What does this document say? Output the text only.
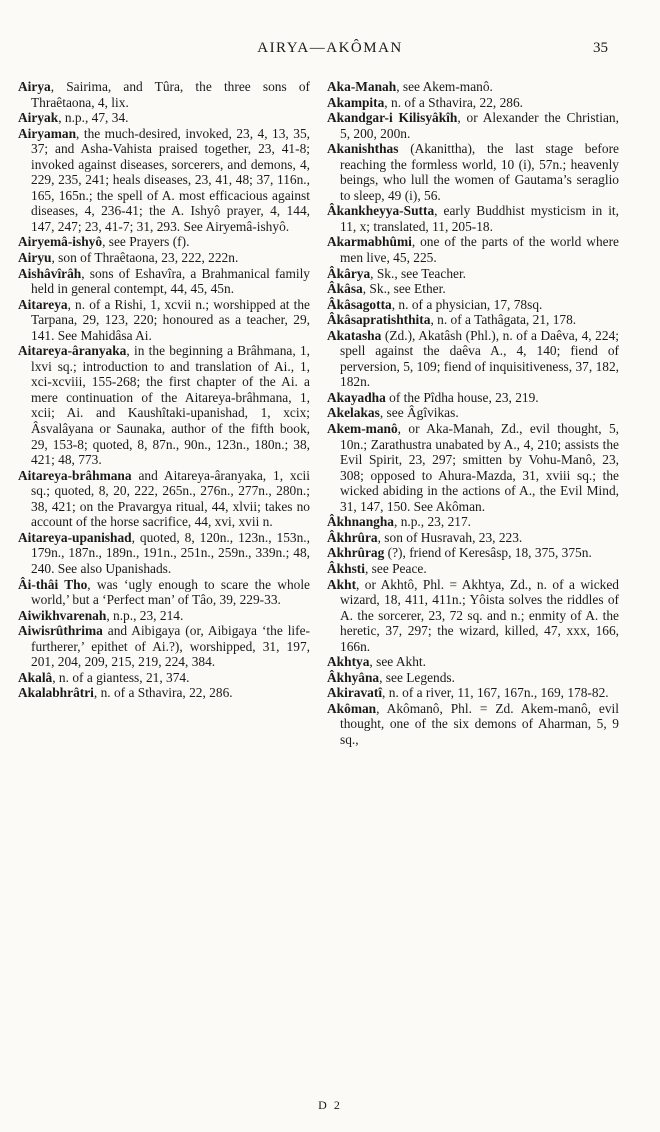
AIRYA—AKÔMAN	35
Airya, Sairima, and Tûra, the three sons of Thraêtaona, 4, lix.
Airyak, n.p., 47, 34.
Airyaman, the much-desired, invoked, 23, 4, 13, 35, 37; and Asha-Vahista praised together, 23, 41-8; invoked against diseases, sorcerers, and demons, 4, 229, 235, 241; heals diseases, 23, 41, 48; 37, 116n., 165, 165n.; the spell of A. most efficacious against diseases, 4, 236-41; the A. Ishyô prayer, 4, 144, 147, 247; 23, 41-7; 31, 293. See Airyemâ-ishyô.
Airyemâ-ishyô, see Prayers (f).
Airyu, son of Thraêtaona, 23, 222, 222n.
Aishâvîrâh, sons of Eshavîra, a Brahmanical family held in general contempt, 44, 45, 45n.
Aitareya, n. of a Rishi, 1, xcvii n.; worshipped at the Tarpana, 29, 123, 220; honoured as a teacher, 29, 141. See Mahidâsa Ai.
Aitareya-âranyaka, in the beginning a Brâhmana, 1, lxvi sq.; introduction to and translation of Ai., 1, xci-xcviii, 155-268; the first chapter of the Ai. a mere continuation of the Aitareya-brâhmana, 1, xcii; Ai. and Kaushîtaki-upanishad, 1, xcix; Âsvalâyana or Saunaka, author of the fifth book, 29, 153-8; quoted, 8, 87n., 90n., 123n., 180n.; 38, 421; 48, 773.
Aitareya-brâhmana and Aitareya-âranyaka, 1, xcii sq.; quoted, 8, 20, 222, 265n., 276n., 277n., 280n.; 38, 421; on the Pravargya ritual, 44, xlvii; takes no account of the horse sacrifice, 44, xvi, xvii n.
Aitareya-upanishad, quoted, 8, 120n., 123n., 153n., 179n., 187n., 189n., 191n., 251n., 259n., 339n.; 48, 240. See also Upanishads.
Âi-thâi Tho, was ‘ugly enough to scare the whole world,’ but a ‘Perfect man’ of Tâo, 39, 229-33.
Aiwikhvarenah, n.p., 23, 214.
Aiwisrûthrima and Aibigaya (or, Aibigaya ‘the life-furtherer,’ epithet of Ai.?), worshipped, 31, 197, 201, 204, 209, 215, 219, 224, 384.
Akalâ, n. of a giantess, 21, 374.
Akalabhrâtri, n. of a Sthavira, 22, 286.
Aka-Manah, see Akem-manô.
Akampita, n. of a Sthavira, 22, 286.
Akandgar-i Kilisyâkîh, or Alexander the Christian, 5, 200, 200n.
Akanishthas (Akanittha), the last stage before reaching the formless world, 10 (i), 57n.; heavenly beings, who lull the women of Gautama’s seraglio to sleep, 49 (i), 56.
Âkankheyya-Sutta, early Buddhist mysticism in it, 11, x; translated, 11, 205-18.
Akarmabhûmi, one of the parts of the world where men live, 45, 225.
Âkârya, Sk., see Teacher.
Âkâsa, Sk., see Ether.
Âkâsagotta, n. of a physician, 17, 78sq.
Âkâsapratishthita, n. of a Tathâgata, 21, 178.
Akatasha (Zd.), Akatâsh (Phl.), n. of a Daêva, 4, 224; spell against the daêva A., 4, 140; fiend of perversion, 5, 109; fiend of inquisitiveness, 37, 182, 182n.
Akayadha of the Pîdha house, 23, 219.
Akelakas, see Âgîvikas.
Akem-manô, or Aka-Manah, Zd., evil thought, 5, 10n.; Zarathustra unabated by A., 4, 210; assists the Evil Spirit, 23, 297; smitten by Vohu-Manô, 23, 308; opposed to Ahura-Mazda, 31, xviii sq.; the wicked abiding in the actions of A., the Evil Mind, 31, 147, 150. See Akôman.
Âkhnangha, n.p., 23, 217.
Âkhrûra, son of Husravah, 23, 223.
Akhrûrag (?), friend of Keresâsp, 18, 375, 375n.
Âkhsti, see Peace.
Akht, or Akhtô, Phl. = Akhtya, Zd., n. of a wicked wizard, 18, 411, 411n.; Yôista solves the riddles of A. the sorcerer, 23, 72 sq. and n.; enmity of A. the heretic, 37, 297; the wizard, killed, 47, xxx, 166, 166n.
Akhtya, see Akht.
Âkhyâna, see Legends.
Akiravatî, n. of a river, 11, 167, 167n., 169, 178-82.
Akôman, Akômanô, Phl. = Zd. Akem-manô, evil thought, one of the six demons of Aharman, 5, 9 sq.,
D 2
